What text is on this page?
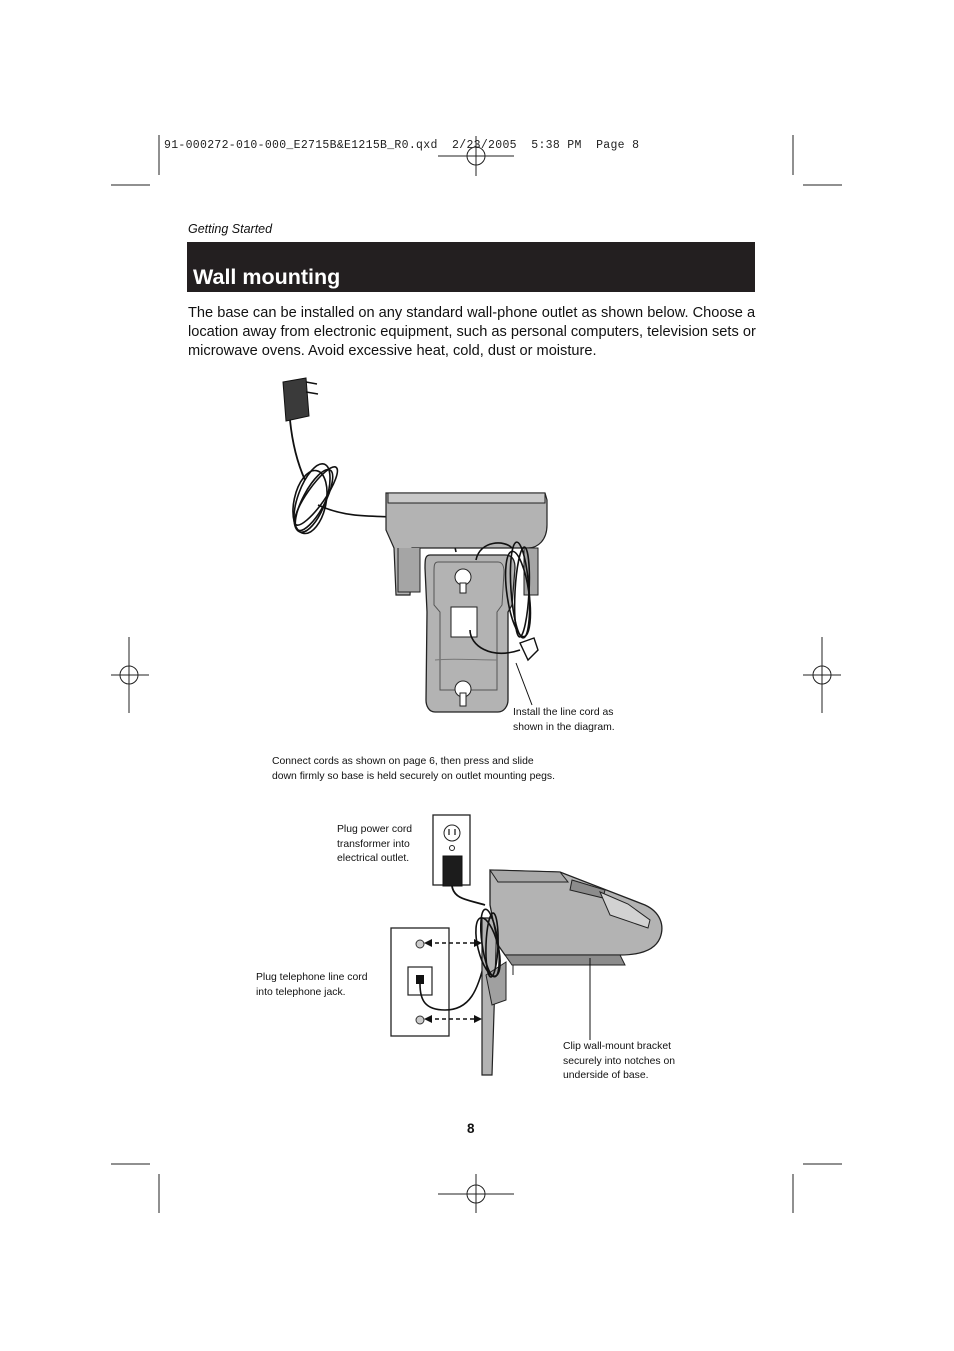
91-000272-010-000_E2715B&E1215B_R0.qxd  2/23/2005  5:38 PM  Page 8
Getting Started
Wall mounting
The base can be installed on any standard wall-phone outlet as shown below. Choose a location away from electronic equipment, such as personal computers, television sets or microwave ovens. Avoid excessive heat, cold, dust or moisture.
Install the line cord as
shown in the diagram.
Connect cords as shown on page 6, then press and slide
down firmly so base is held securely on outlet mounting pegs.
Plug power cord
transformer into
electrical outlet.
Plug telephone line cord
into telephone jack.
Clip wall-mount bracket
securely into notches on
underside of base.
8
